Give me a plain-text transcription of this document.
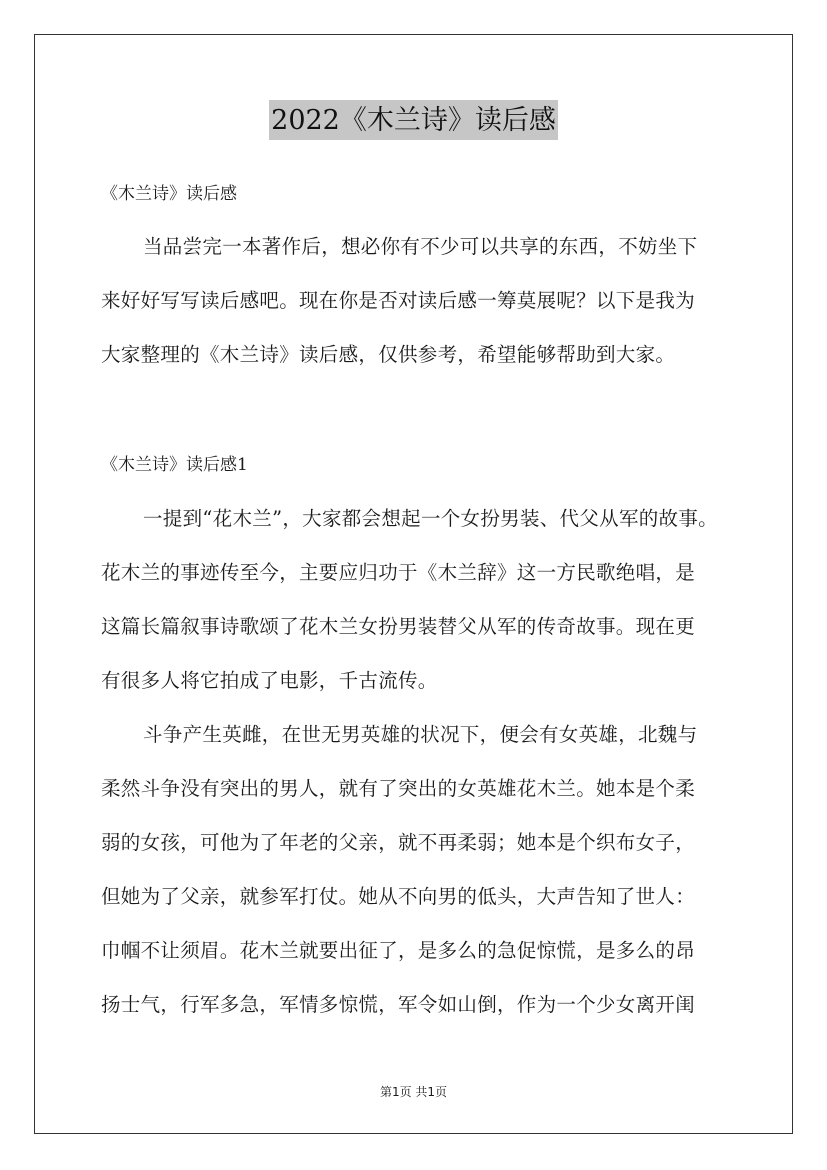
2022《木兰诗》读后感
《木兰诗》读后感
当品尝完一本著作后，想必你有不少可以共享的东西，不妨坐下
来好好写写读后感吧。现在你是否对读后感一筹莫展呢？以下是我为
大家整理的《木兰诗》读后感，仅供参考，希望能够帮助到大家。
《木兰诗》读后感1
一提到“花木兰”，大家都会想起一个女扮男装、代父从军的故事。
花木兰的事迹传至今，主要应归功于《木兰辞》这一方民歌绝唱，是
这篇长篇叙事诗歌颂了花木兰女扮男装替父从军的传奇故事。现在更
有很多人将它拍成了电影，千古流传。
斗争产生英雌，在世无男英雄的状况下，便会有女英雄，北魏与
柔然斗争没有突出的男人，就有了突出的女英雄花木兰。她本是个柔
弱的女孩，可他为了年老的父亲，就不再柔弱；她本是个织布女子，
但她为了父亲，就参军打仗。她从不向男的低头，大声告知了世人：
巾帼不让须眉。花木兰就要出征了，是多么的急促惊慌，是多么的昂
扬士气，行军多急，军情多惊慌，军令如山倒，作为一个少女离开闺
第1页 共1页
